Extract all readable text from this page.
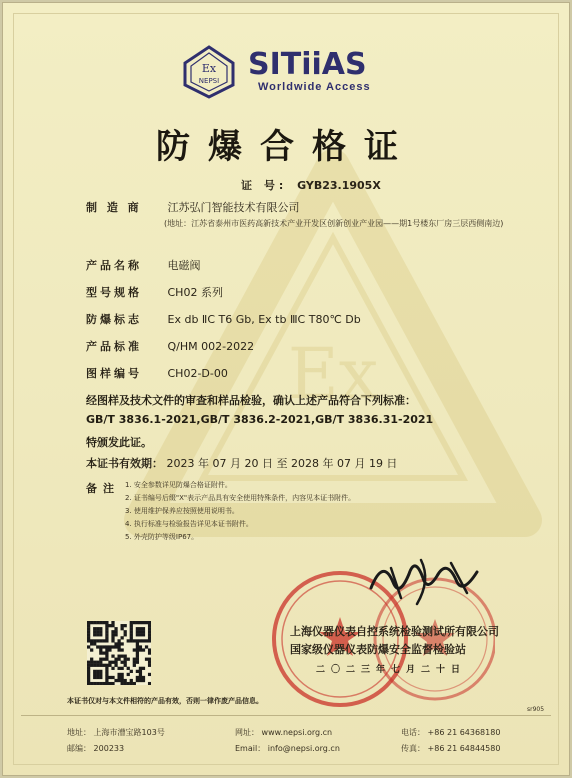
Ex
Ex
NEPSI SITiiAS
Worldwide Access
防爆合格证
证 号: GYB23.1905X
制 造 商 江苏弘门智能技术有限公司
(地址：江苏省泰州市医药高新技术产业开发区创新创业产业园——期1号楼东厂房三层西侧南边)
产品名称 电磁阀
型号规格 CH02 系列
防爆标志 Ex db ⅡC T6 Gb, Ex tb ⅢC T80℃ Db
产品标准 Q/HM 002-2022
图样编号 CH02-D-00
经图样及技术文件的审查和样品检验，确认上述产品符合下列标准：
GB/T 3836.1-2021,GB/T 3836.2-2021,GB/T 3836.31-2021
特颁发此证。
本证书有效期： 2023 年 07 月 20 日 至 2028 年 07 月 19 日
备注 1. 安全参数详见防爆合格证附件。
2. 证书编号后缀"X"表示产品具有安全使用特殊条件，内容见本证书附件。
3. 使用维护保养应按照使用说明书。
4. 执行标准与检验报告详见本证书附件。
5. 外壳防护等级IP67。
上海仪器仪表自控系统检验测试所有限公司
国家级仪器仪表防爆安全监督检验站
二〇二三年七月二十日
本证书仅对与本文件相符的产品有效，否则一律作废产品信息。
sr905
地址： 上海市漕宝路103号
邮编： 200233
网址： www.nepsi.org.cn
Email： info@nepsi.org.cn
电话： +86 21 64368180
传真： +86 21 64844580
